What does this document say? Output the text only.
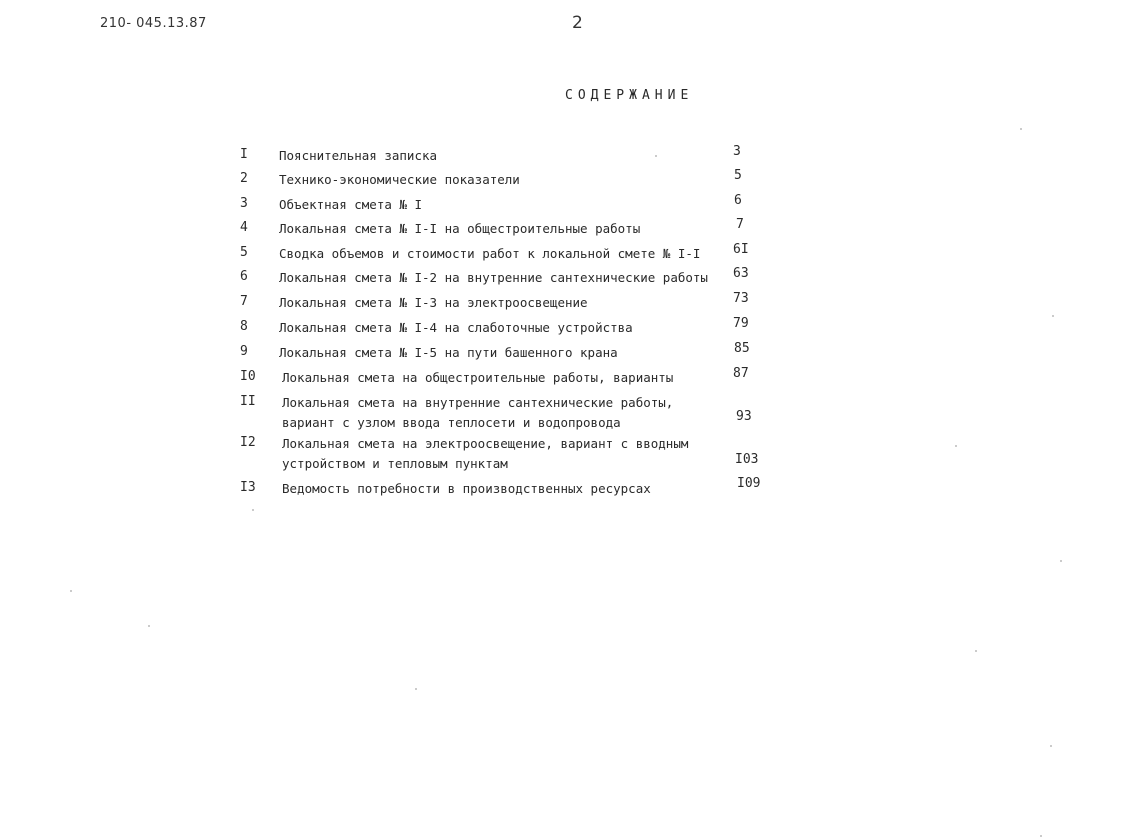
210- 045.13.87	2
СОДЕРЖАНИЕ
I	Пояснительная записка	3
2	Технико-экономические показатели	5
3	Объектная смета № I	6
4	Локальная смета № I-I на общестроительные работы	7
5	Сводка объемов и стоимости работ к локальной смете № I-I	6I
6	Локальная смета № I-2 на внутренние сантехнические работы 63
7	Локальная смета № I-3 на электроосвещение	73
8	Локальная смета № I-4 на слаботочные устройства	79
9	Локальная смета № I-5 на пути башенного крана	85
I0	Локальная смета на общестроительные работы, варианты	87
II	Локальная смета на внутренние сантехнические работы,
вариант с узлом ввода теплосети и водопровода	93
I2	Локальная смета на электроосвещение, вариант с вводным
устройством и тепловым пунктам	I03
I3	Ведомость потребности в производственных ресурсах	I09
